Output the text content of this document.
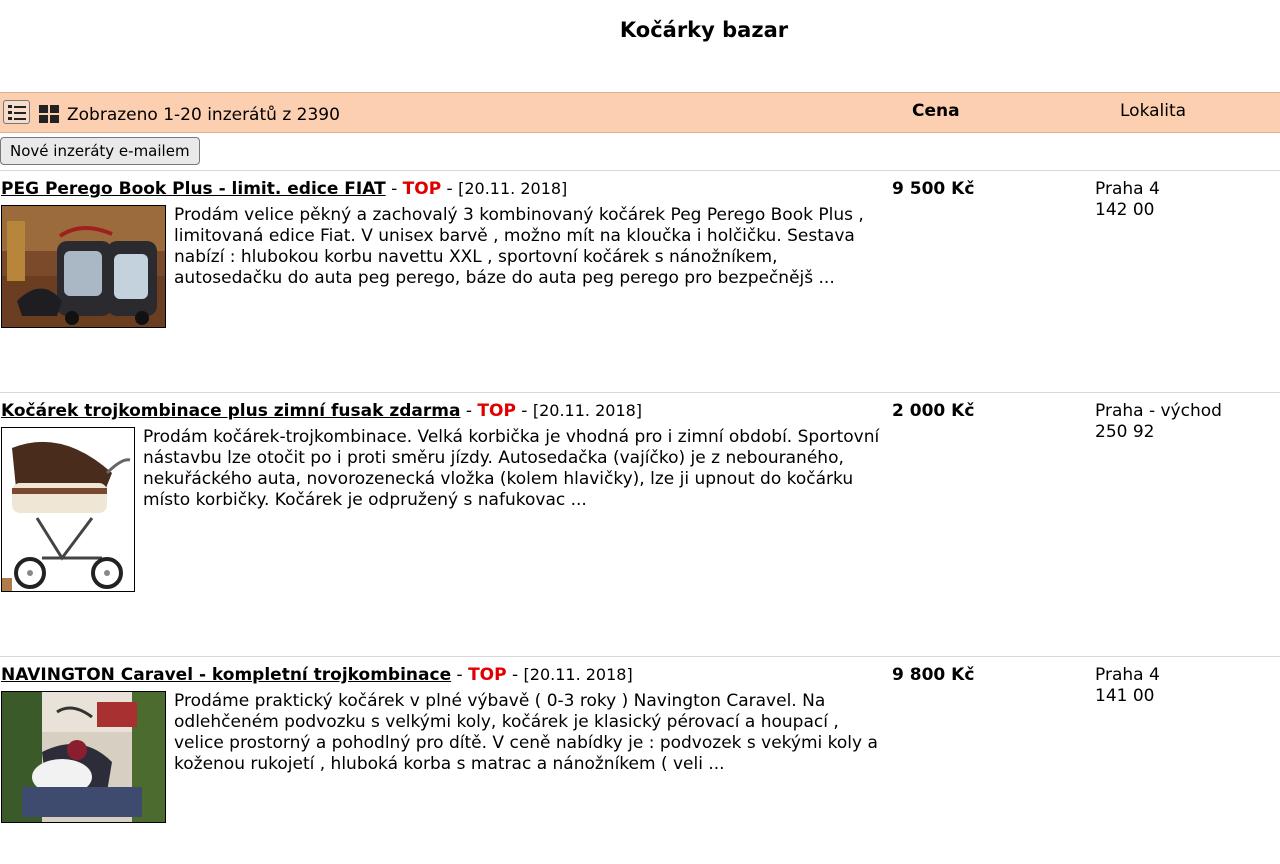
Kočárky bazar
Zobrazeno 1-20 inzerátů z 2390	Cena	Lokalita
Nové inzeráty e-mailem
PEG Perego Book Plus - limit. edice FIAT - TOP - [20.11. 2018]
Prodám velice pěkný a zachovalý 3 kombinovaný kočárek Peg Perego Book Plus , limitovaná edice Fiat. V unisex barvě , možno mít na kloučka i holčičku. Sestava nabízí : hlubokou korbu navettu XXL , sportovní kočárek s nánožníkem, autosedačku do auta peg perego, báze do auta peg perego pro bezpečnějš ...
9 500 Kč	Praha 4
142 00
Kočárek trojkombinace plus zimní fusak zdarma - TOP - [20.11. 2018]
Prodám kočárek-trojkombinace. Velká korbička je vhodná pro i zimní období. Sportovní nástavbu lze otočit po i proti směru jízdy. Autosedačka (vajíčko) je z nebouraného, nekuřáckého auta, novorozenecká vložka (kolem hlavičky), lze ji upnout do kočárku místo korbičky. Kočárek je odpružený s nafukovac ...
2 000 Kč	Praha - východ
250 92
NAVINGTON Caravel - kompletní trojkombinace - TOP - [20.11. 2018]
Prodáme praktický kočárek v plné výbavě ( 0-3 roky ) Navington Caravel. Na odlehčeném podvozku s velkými koly, kočárek je klasický pérovací a houpací , velice prostorný a pohodlný pro dítě. V ceně nabídky je : podvozek s vekými koly a koženou rukojetí , hluboká korba s matrac a nánožníkem ( veli ...
9 800 Kč	Praha 4
141 00
